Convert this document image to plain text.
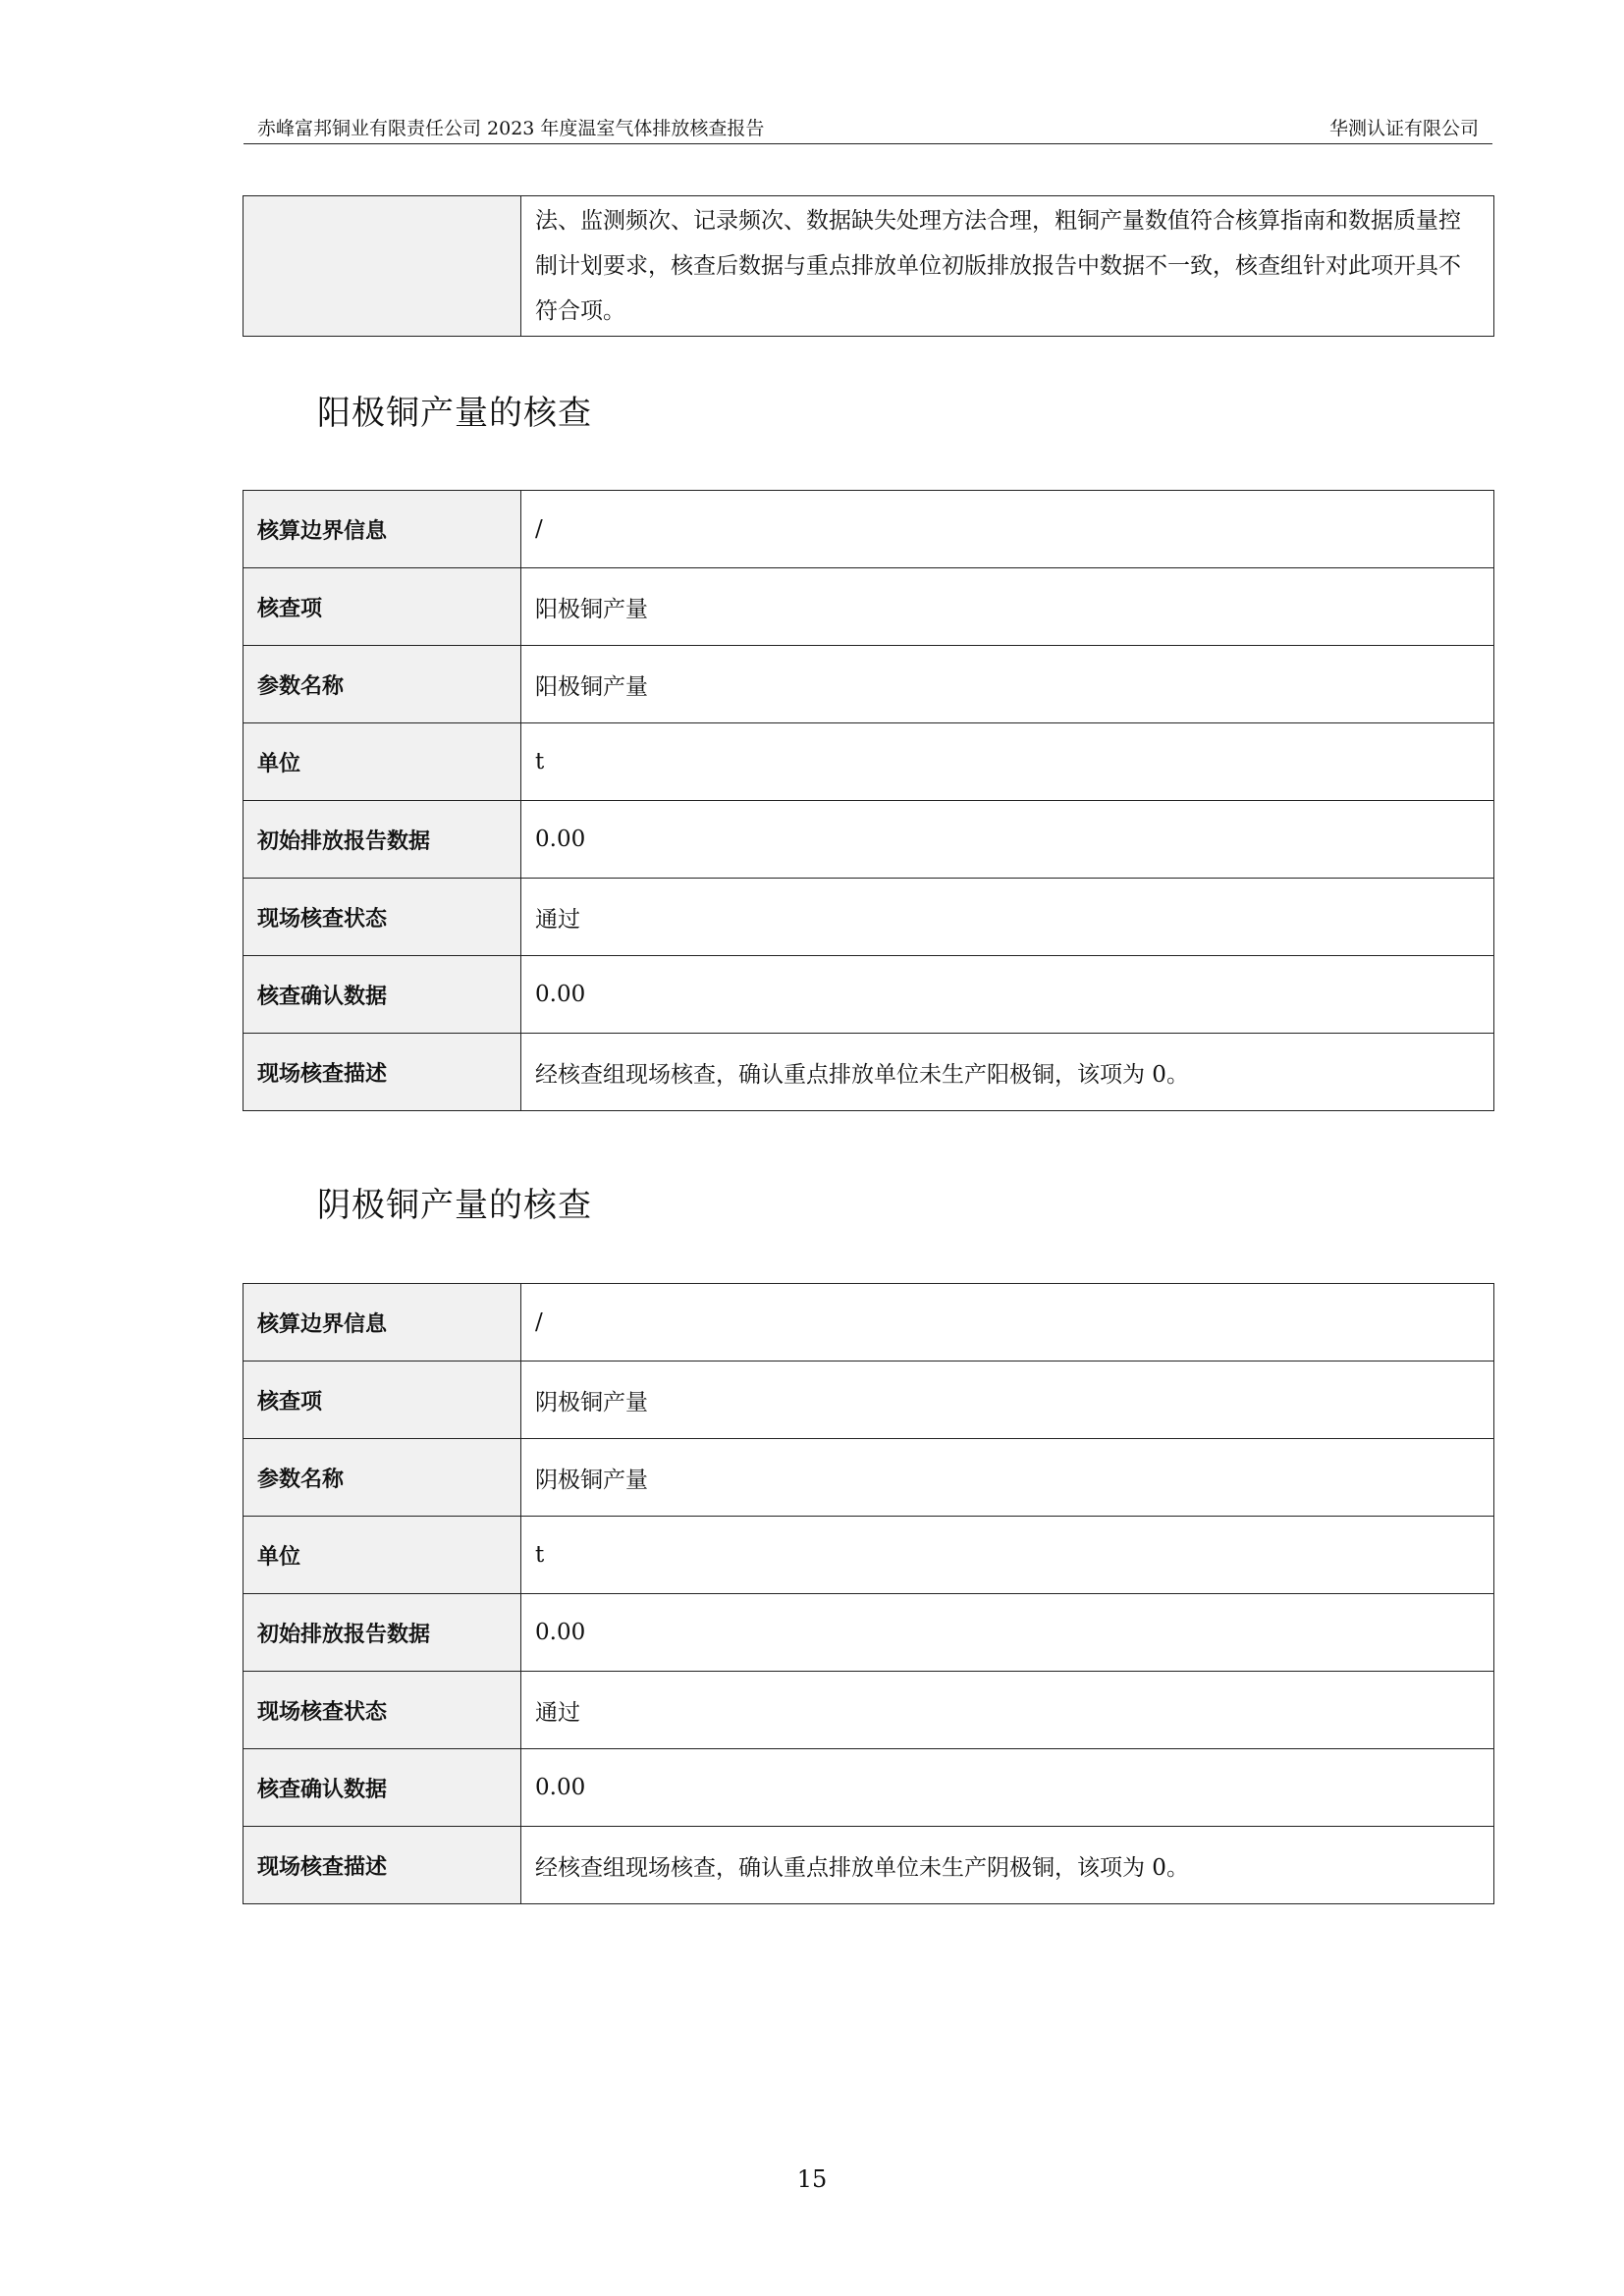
赤峰富邦铜业有限责任公司 2023 年度温室气体排放核查报告	华测认证有限公司
	法、监测频次、记录频次、数据缺失处理方法合理，粗铜产量数值符合核算指南和数据质量控制计划要求，核查后数据与重点排放单位初版排放报告中数据不一致，核查组针对此项开具不符合项。
阳极铜产量的核查
核算边界信息	/
核查项	阳极铜产量
参数名称	阳极铜产量
单位	t
初始排放报告数据	0.00
现场核查状态	通过
核查确认数据	0.00
现场核查描述	经核查组现场核查，确认重点排放单位未生产阳极铜，该项为 0。
阴极铜产量的核查
核算边界信息	/
核查项	阴极铜产量
参数名称	阴极铜产量
单位	t
初始排放报告数据	0.00
现场核查状态	通过
核查确认数据	0.00
现场核查描述	经核查组现场核查，确认重点排放单位未生产阴极铜，该项为 0。
15
